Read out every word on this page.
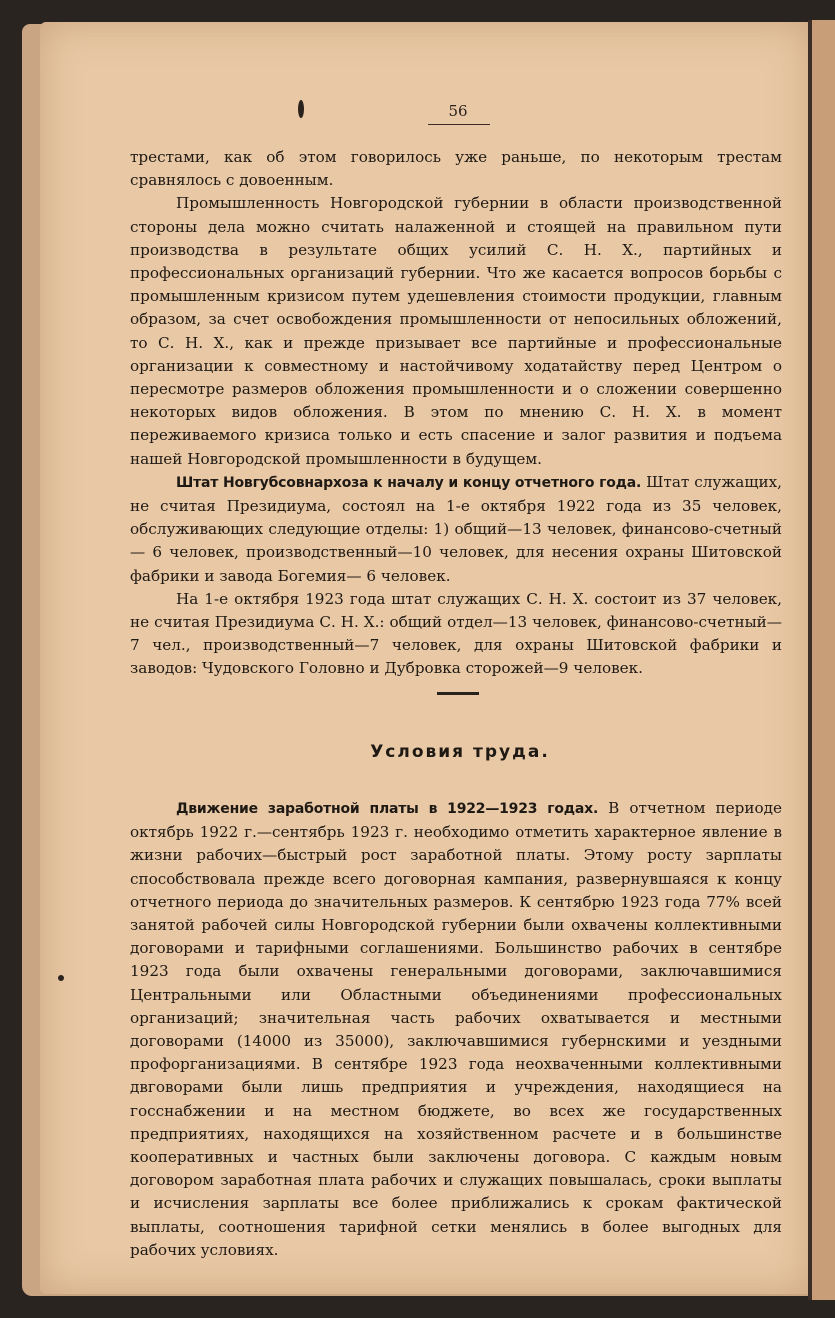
56

трестами, как об этом говорилось уже раньше, по некоторым трестам сравнялось с довоенным.

Промышленность Новгородской губернии в области производственной стороны дела можно считать налаженной и стоящей на правильном пути производства в результате общих усилий С. Н. Х., партийных и профессиональных организаций губернии. Что же касается вопросов борьбы с промышленным кризисом путем удешевления стоимости продукции, главным образом, за счет освобождения промышленности от непосильных обложений, то С. Н. Х., как и прежде призывает все партийные и профессиональные организации к совместному и настойчивому ходатайству перед Центром о пересмотре размеров обложения промышленности и о сложении совершенно некоторых видов обложения. В этом по мнению С. Н. Х. в момент переживаемого кризиса только и есть спасение и залог развития и подъема нашей Новгородской промышленности в будущем.

Штат Новгубсовнархоза к началу и концу отчетного года. Штат служащих, не считая Президиума, состоял на 1-е октября 1922 года из 35 человек, обслуживающих следующие отделы: 1) общий—13 человек, финансово-счетный — 6 человек, производственный—10 человек, для несения охраны Шитовской фабрики и завода Богемия— 6 человек.

На 1-е октября 1923 года штат служащих С. Н. Х. состоит из 37 человек, не считая Президиума С. Н. Х.: общий отдел—13 человек, финансово-счетный—7 чел., производственный—7 человек, для охраны Шитовской фабрики и заводов: Чудовского Головно и Дубровка сторожей—9 человек.

Условия труда.

Движение заработной платы в 1922—1923 годах. В отчетном периоде октябрь 1922 г.—сентябрь 1923 г. необходимо отметить характерное явление в жизни рабочих—быстрый рост заработной платы. Этому росту зарплаты способствовала прежде всего договорная кампания, развернувшаяся к концу отчетного периода до значительных размеров. К сентябрю 1923 года 77% всей занятой рабочей силы Новгородской губернии были охвачены коллективными договорами и тарифными соглашениями. Большинство рабочих в сентябре 1923 года были охвачены генеральными договорами, заключавшимися Центральными или Областными объединениями профессиональных организаций; значительная часть рабочих охватывается и местными договорами (14000 из 35000), заключавшимися губернскими и уездными профорганизациями. В сентябре 1923 года неохваченными коллективными двговорами были лишь предприятия и учреждения, находящиеся на госснабжении и на местном бюджете, во всех же государственных предприятиях, находящихся на хозяйственном расчете и в большинстве кооперативных и частных были заключены договора. С каждым новым договором заработная плата рабочих и служащих повышалась, сроки выплаты и исчисления зарплаты все более приближались к срокам фактической выплаты, соотношения тарифной сетки менялись в более выгодных для рабочих условиях.
